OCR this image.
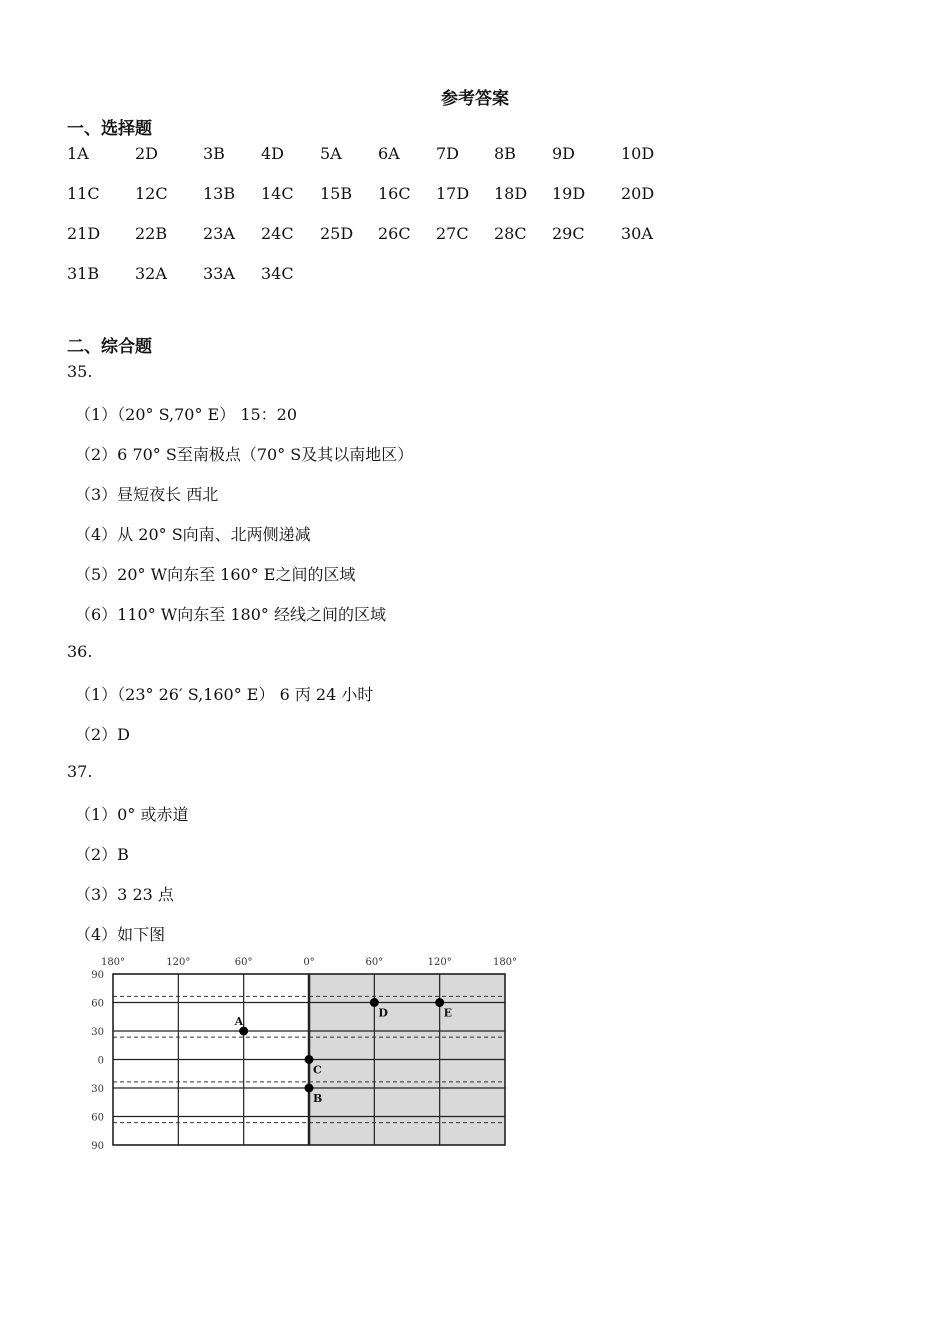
参考答案
一、选择题
1A	2D	3B 4D 5A 6A 7D 8B 9D	10D
11C 12C 13B 14C 15B 16C 17D 18D 19D 20D
21D 22B 23A 24C 25D 26C 27C 28C 29C 30A
31B 32A 33A 34C
二、综合题
35.
（1）（20° S,70° E） 15：20
（2）6 70° S至南极点（70° S及其以南地区）
（3）昼短夜长 西北
（4）从 20° S向南、北两侧递减
（5）20° W向东至 160° E之间的区域
（6）110° W向东至 180° 经线之间的区域
36.
（1）（23° 26′ S,160° E） 6 丙 24 小时
（2）D
37.
（1）0° 或赤道
（2）B
（3）3 23 点
（4）如下图
180°	120°	60°	0°	60°	120°	180°
90
60
30
0
30
60
90
A
B
C
D	E
